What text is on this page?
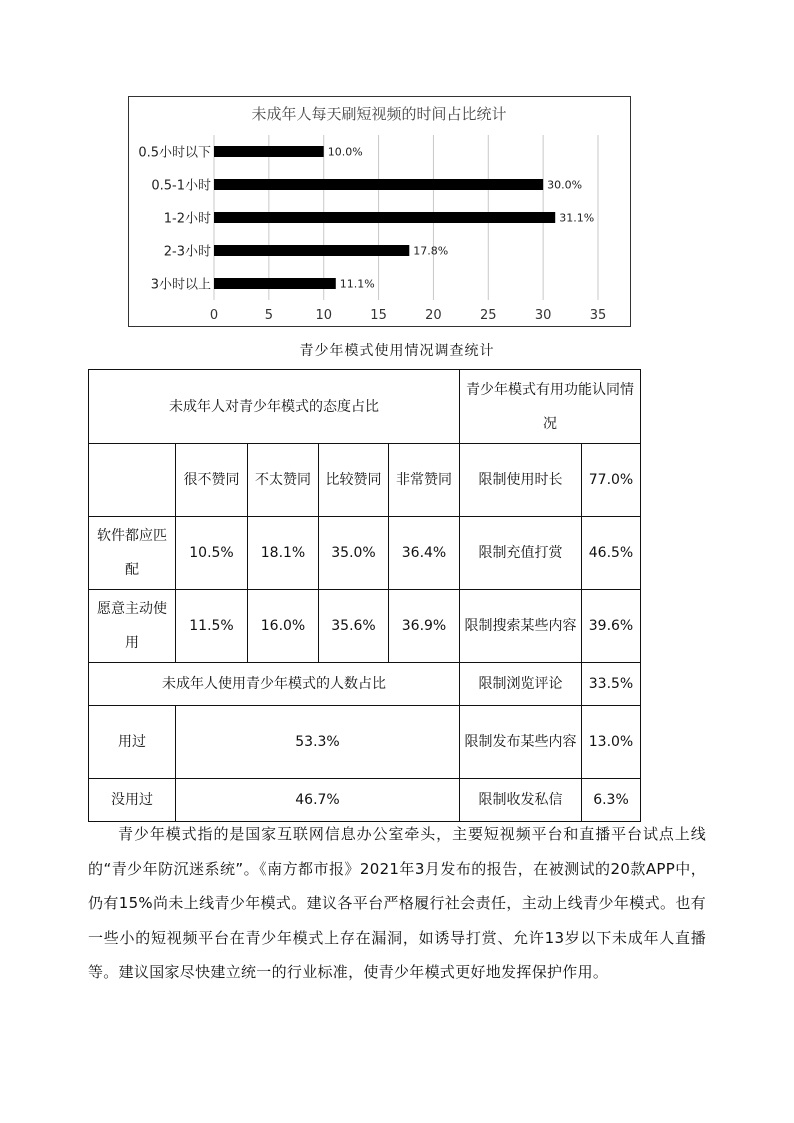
未成年人每天刷短视频的时间占比统计
0	5	10	15	20	25	30	35
0.5小时以下	10.0%
0.5-1小时	30.0%
1-2小时	31.1%
2-3小时	17.8%
3小时以上	11.1%
青少年模式使用情况调查统计
未成年人对青少年模式的态度占比					青少年模式有用功能认同情况	
	很不赞同	不太赞同	比较赞同	非常赞同	限制使用时长	77.0%
软件都应匹配	10.5%	18.1%	35.0%	36.4%	限制充值打赏	46.5%
愿意主动使用	11.5%	16.0%	35.6%	36.9%	限制搜索某些内容	39.6%
未成年人使用青少年模式的人数占比					限制浏览评论	33.5%
用过	53.3%				限制发布某些内容	13.0%
没用过	46.7%				限制收发私信	6.3%

青少年模式指的是国家互联网信息办公室牵头，主要短视频平台和直播平台试点上线的“青少年防沉迷系统”。《南方都市报》2021年3月发布的报告，在被测试的20款APP中，仍有15%尚未上线青少年模式。建议各平台严格履行社会责任，主动上线青少年模式。也有一些小的短视频平台在青少年模式上存在漏洞，如诱导打赏、允许13岁以下未成年人直播等。建议国家尽快建立统一的行业标准，使青少年模式更好地发挥保护作用。
